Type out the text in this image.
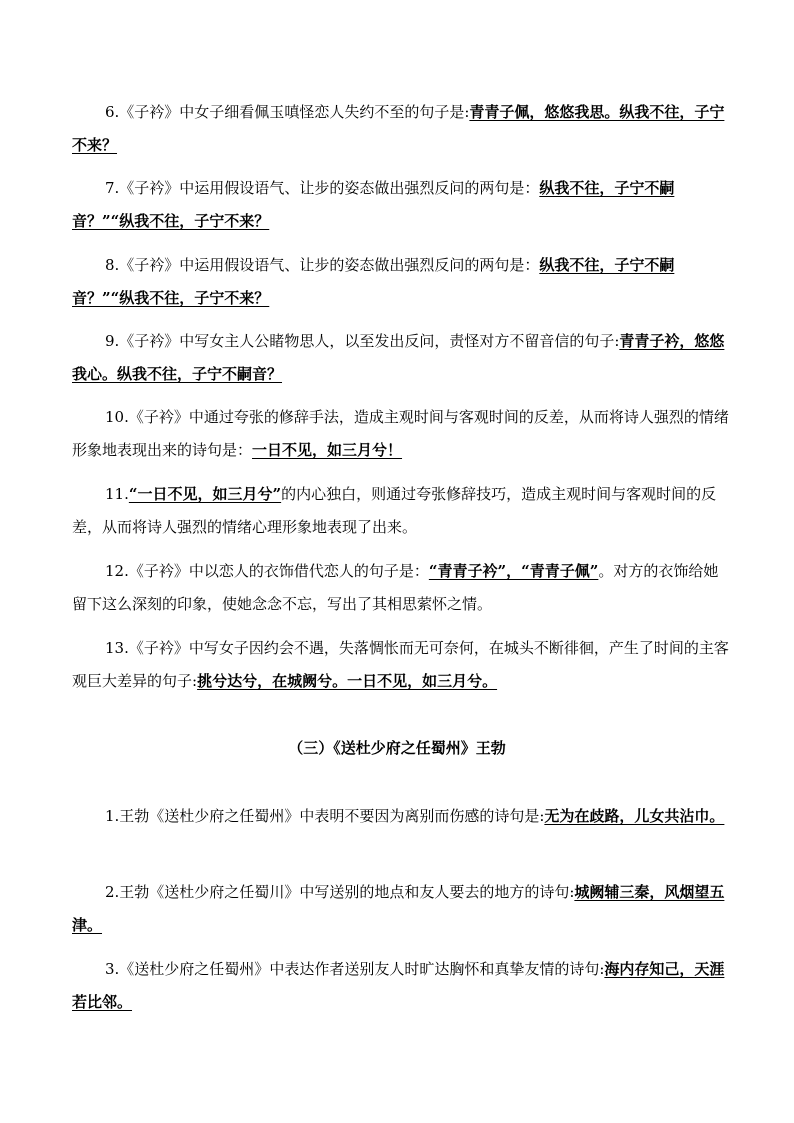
6.《子衿》中女子细看佩玉嗔怪恋人失约不至的句子是:青青子佩，悠悠我思。纵我不往，子宁不来？

7.《子衿》中运用假设语气、让步的姿态做出强烈反问的两句是：纵我不往，子宁不嗣音？”“纵我不往，子宁不来？

8.《子衿》中运用假设语气、让步的姿态做出强烈反问的两句是：纵我不往，子宁不嗣音？”“纵我不往，子宁不来？

9.《子衿》中写女主人公睹物思人，以至发出反问，责怪对方不留音信的句子:青青子衿，悠悠我心。纵我不往，子宁不嗣音？

10.《子衿》中通过夸张的修辞手法，造成主观时间与客观时间的反差，从而将诗人强烈的情绪形象地表现出来的诗句是：一日不见，如三月兮！

11.“一日不见，如三月兮”的内心独白，则通过夸张修辞技巧，造成主观时间与客观时间的反差，从而将诗人强烈的情绪心理形象地表现了出来。

12.《子衿》中以恋人的衣饰借代恋人的句子是：“青青子衿”，“青青子佩”。对方的衣饰给她留下这么深刻的印象，使她念念不忘，写出了其相思萦怀之情。

13.《子衿》中写女子因约会不遇，失落惆怅而无可奈何，在城头不断徘徊，产生了时间的主客观巨大差异的句子:挑兮达兮，在城阙兮。一日不见，如三月兮。

（三）《送杜少府之任蜀州》王勃

1.王勃《送杜少府之任蜀州》中表明不要因为离别而伤感的诗句是:无为在歧路，儿女共沾巾。

2.王勃《送杜少府之任蜀川》中写送别的地点和友人要去的地方的诗句:城阙辅三秦，风烟望五津。

3.《送杜少府之任蜀州》中表达作者送别友人时旷达胸怀和真挚友情的诗句:海内存知己，天涯若比邻。
